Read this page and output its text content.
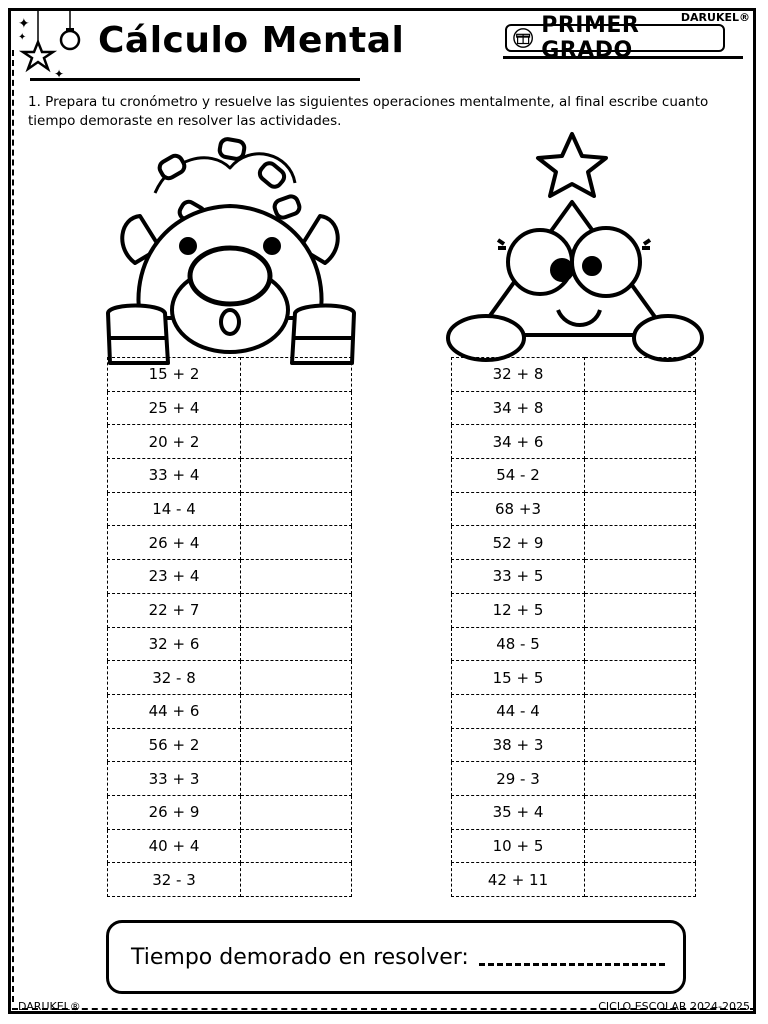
✦
✦
✦ Cálculo Mental
DARUKEL®
PRIMER GRADO
1. Prepara tu cronómetro y resuelve las siguientes operaciones mentalmente, al final escribe cuanto tiempo demoraste en resolver las actividades.
15 + 2	
25 + 4	
20 + 2	
33 + 4	
14 - 4	
26 + 4	
23 + 4	
22 + 7	
32 + 6	
32 - 8	
44 + 6	
56 + 2	
33 + 3	
26 + 9	
40 + 4	
32 - 3	
32 + 8	
34 + 8	
34 + 6	
54 - 2	
68 +3	
52 + 9	
33 + 5	
12 + 5	
48 - 5	
15 + 5	
44 - 4	
38 + 3	
29 - 3	
35 + 4	
10 + 5	
42 + 11	
Tiempo demorado en resolver:
DARUKEL®	CICLO ESCOLAR 2024-2025
